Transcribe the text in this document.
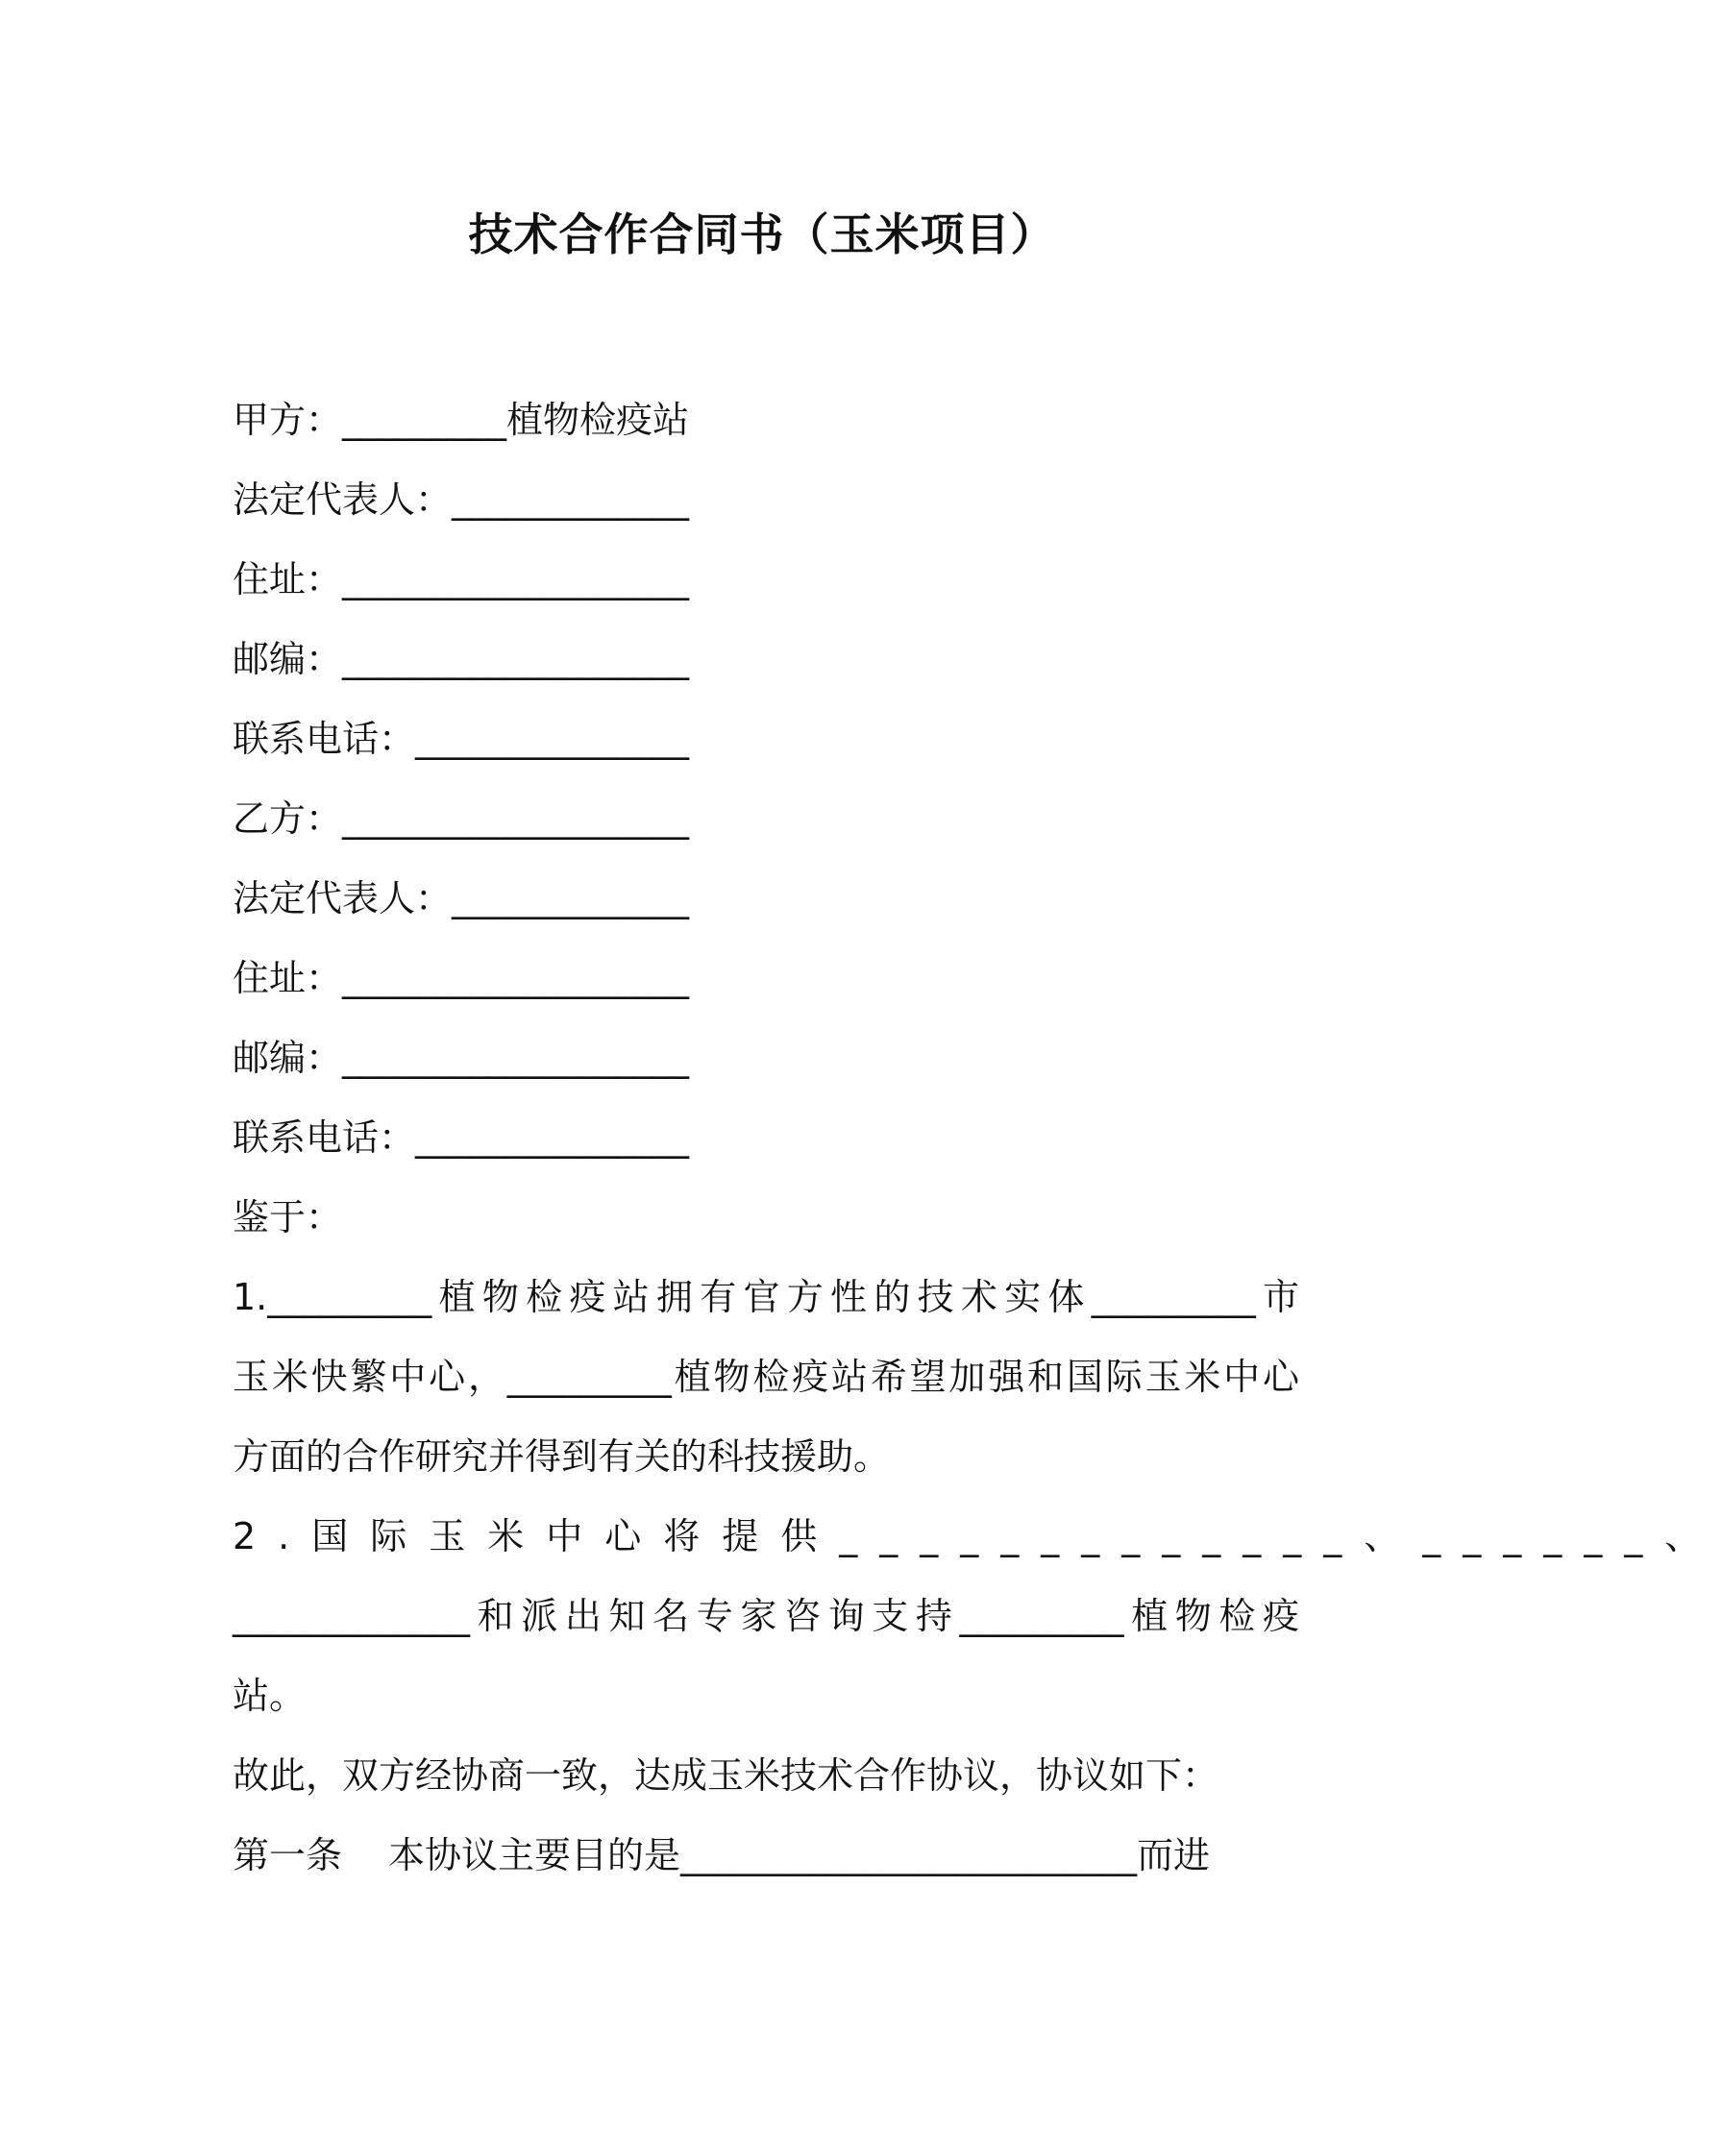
技术合作合同书（玉米项目）
甲方：_________植物检疫站
法定代表人：_____________
住址：___________________
邮编：___________________
联系电话：_______________
乙方：___________________
法定代表人：_____________
住址：___________________
邮编：___________________
联系电话：_______________
鉴于：
1._________植物检疫站拥有官方性的技术实体_________市
玉米快繁中心，_________植物检疫站希望加强和国际玉米中心
方面的合作研究并得到有关的科技援助。
2.国际玉米中心将提供_____________、______、
_____________和派出知名专家咨询支持_________植物检疫
站。
故此，双方经协商一致，达成玉米技术合作协议，协议如下：
第一条 本协议主要目的是_________________________而进
